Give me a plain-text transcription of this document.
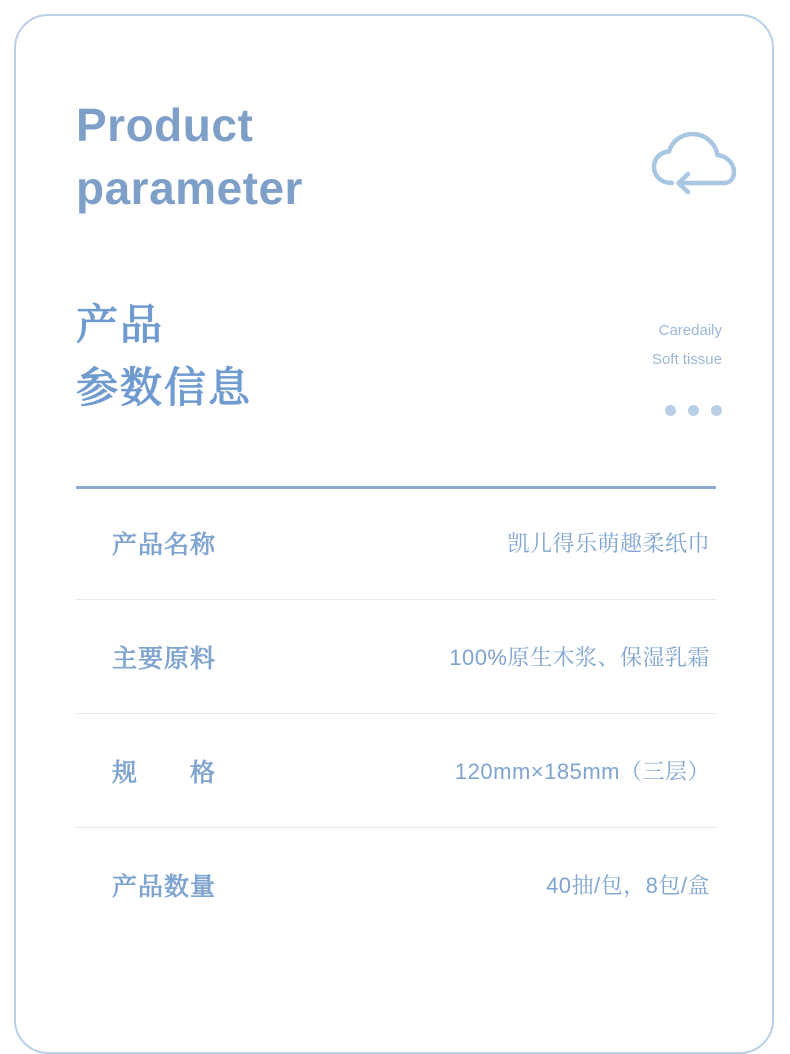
Product
parameter
产品
参数信息
Caredaily
Soft tissue
产品名称	凯儿得乐萌趣柔纸巾
主要原料	100%原生木浆、保湿乳霜
规　　格	120mm×185mm（三层）
产品数量	40抽/包，8包/盒
